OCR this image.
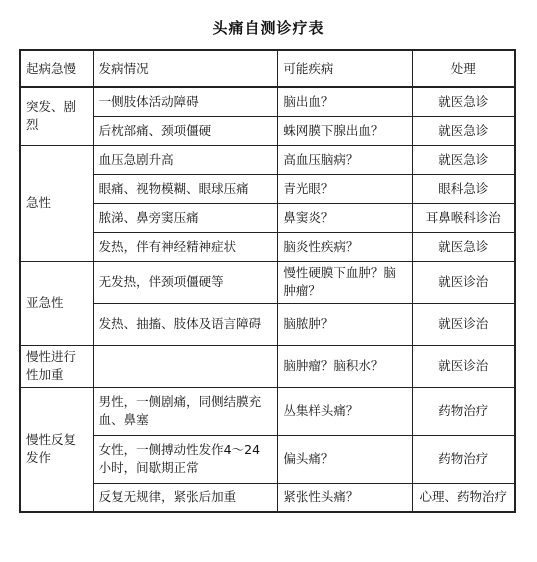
头痛自测诊疗表
起病急慢	发病情况	可能疾病	处理
突发、剧烈	一侧肢体活动障碍	脑出血？	就医急诊
	后枕部痛、颈项僵硬	蛛网膜下腺出血？	就医急诊
急性	血压急剧升高	高血压脑病？	就医急诊
	眼痛、视物模糊、眼球压痛	青光眼？	眼科急诊
	脓涕、鼻旁窦压痛	鼻窦炎？	耳鼻喉科诊治
	发热，伴有神经精神症状	脑炎性疾病？	就医急诊
亚急性	无发热，伴颈项僵硬等	慢性硬膜下血肿？脑肿瘤？	就医诊治
	发热、抽搐、肢体及语言障碍	脑脓肿？	就医诊治
慢性进行性加重		脑肿瘤？脑积水？	就医诊治
慢性反复发作	男性，一侧剧痛，同侧结膜充血、鼻塞	丛集样头痛？	药物治疗
	女性，一侧搏动性发作4～24小时，间歇期正常	偏头痛？	药物治疗
	反复无规律，紧张后加重	紧张性头痛？	心理、药物治疗
